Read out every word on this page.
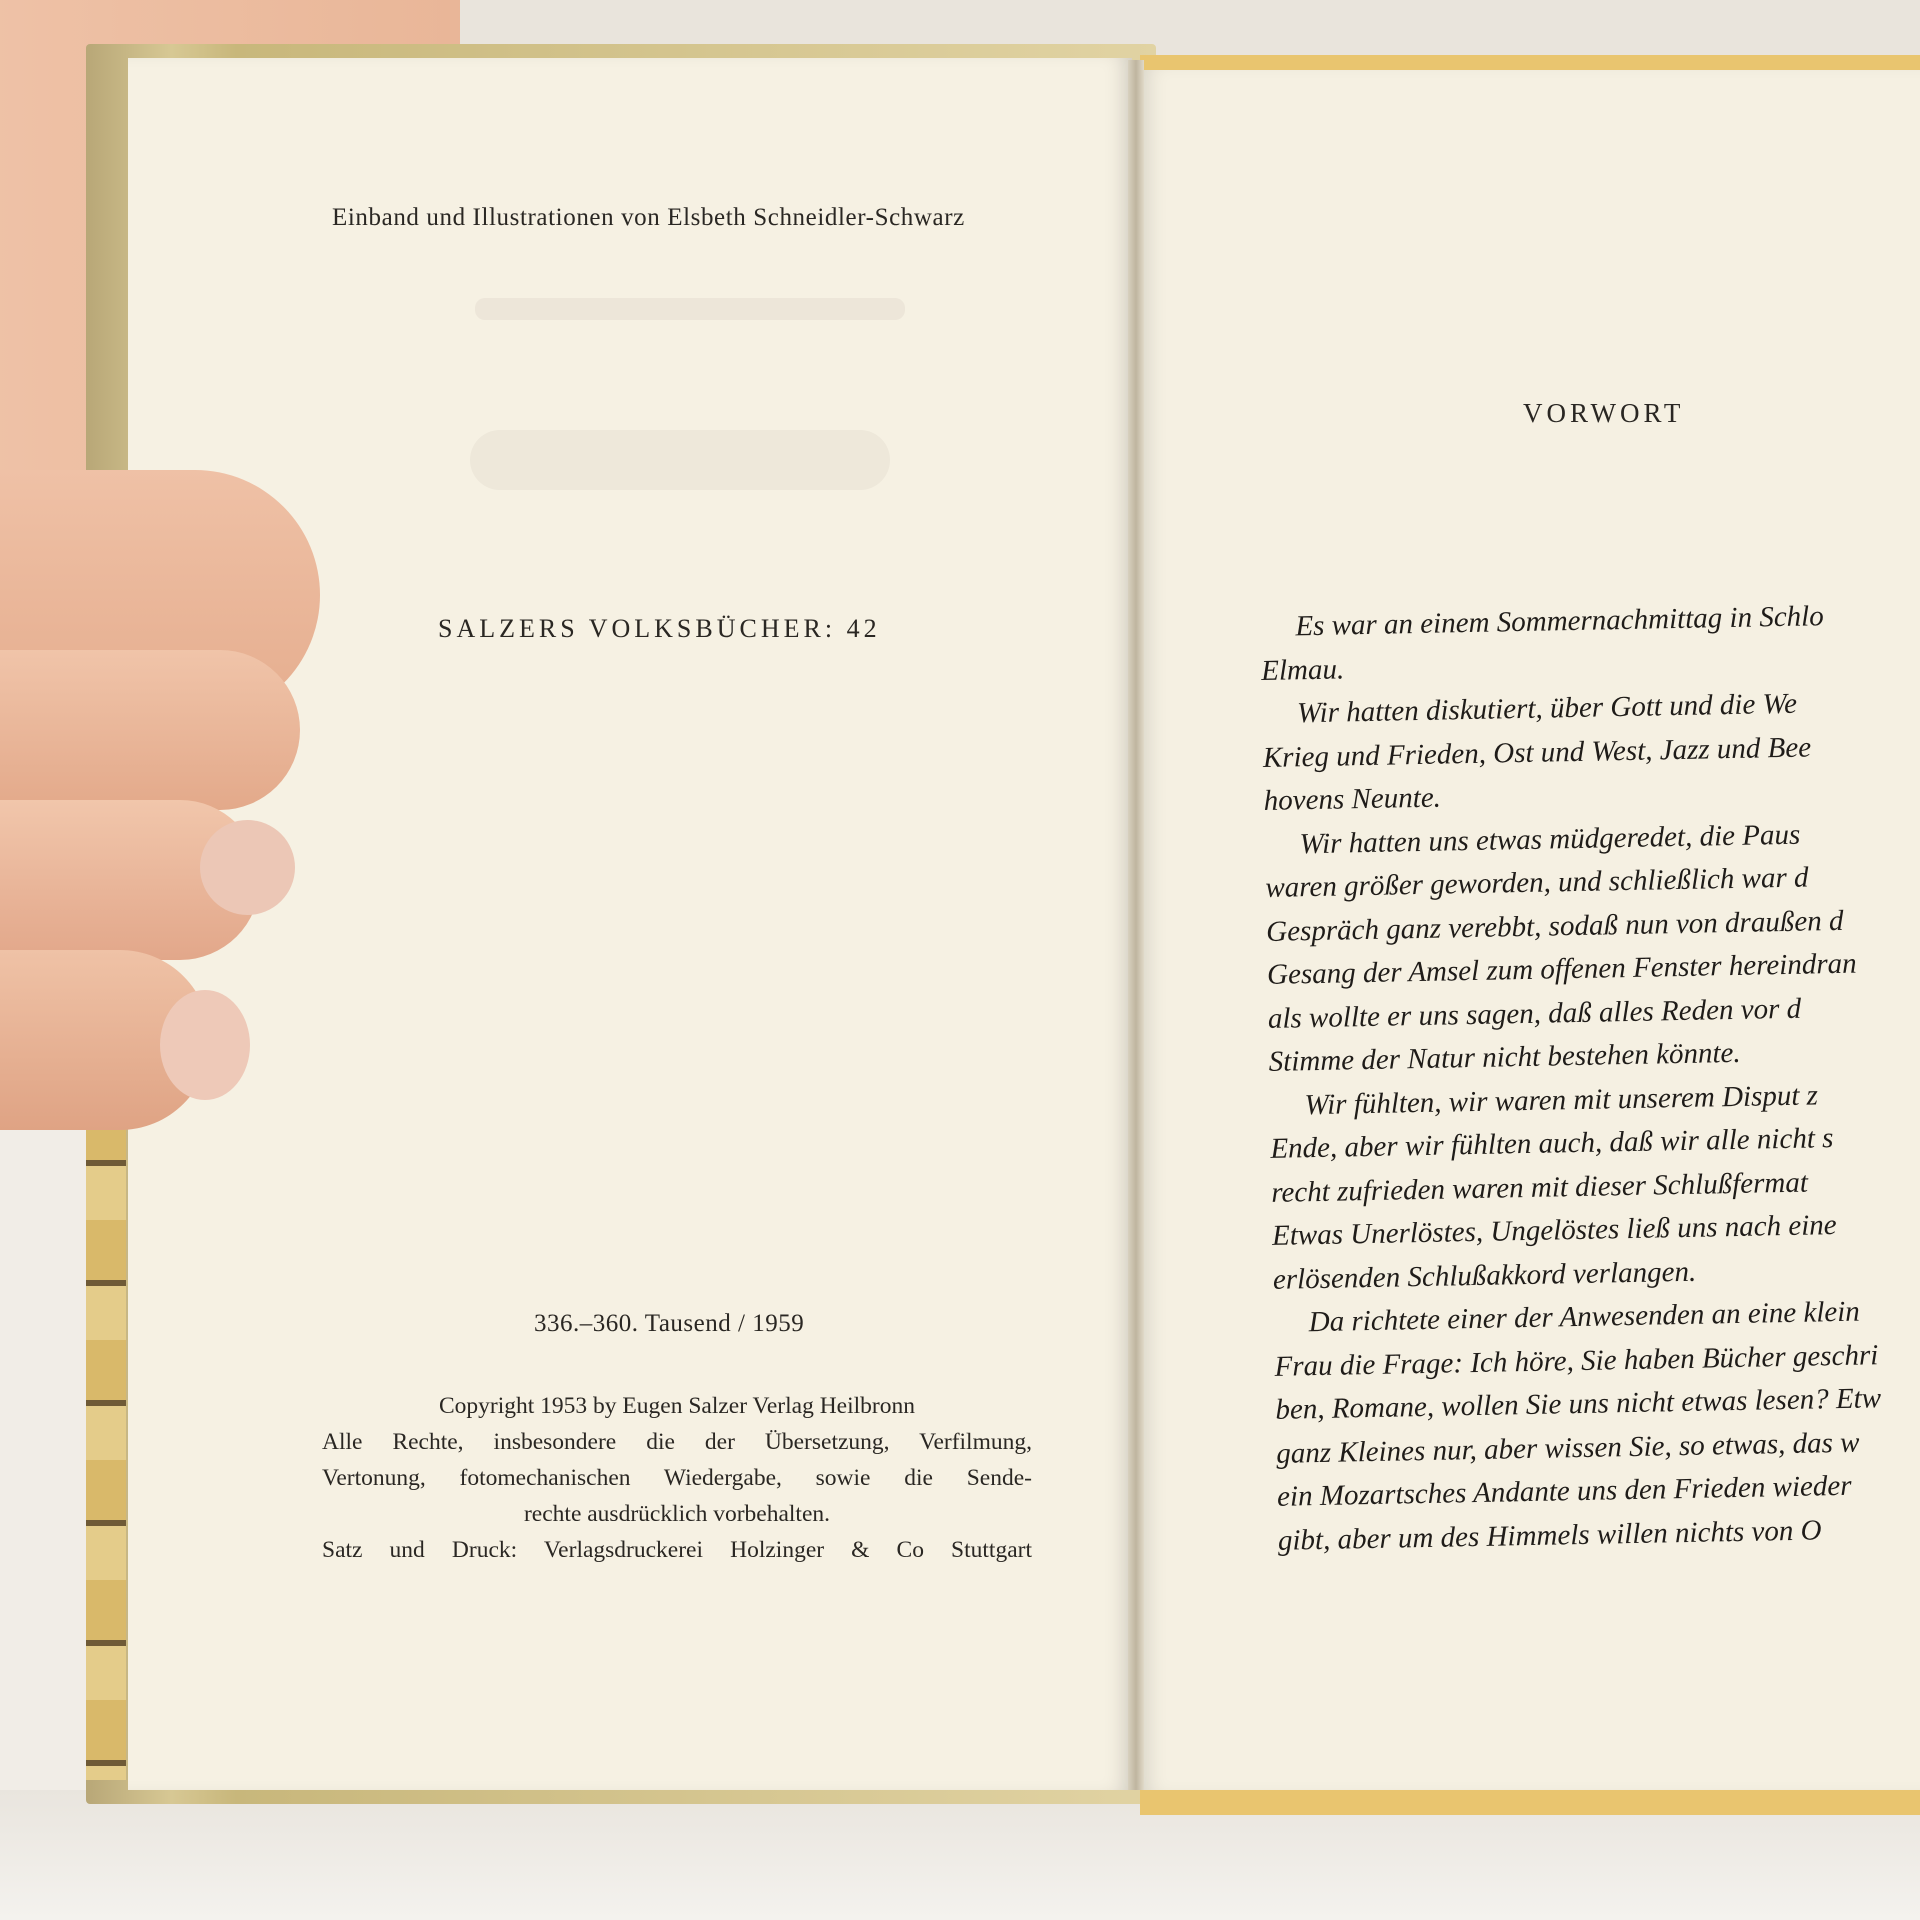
Einband und Illustrationen von Elsbeth Schneidler-Schwarz
SALZERS VOLKSBÜCHER: 42
336.–360. Tausend / 1959
Copyright 1953 by Eugen Salzer Verlag Heilbronn
Alle Rechte, insbesondere die der Übersetzung, Verfilmung,
Vertonung, fotomechanischen Wiedergabe, sowie die Sende-
rechte ausdrücklich vorbehalten.
Satz und Druck: Verlagsdruckerei Holzinger & Co Stuttgart
VORWORT
Es war an einem Sommernachmittag in Schlo
Elmau.
Wir hatten diskutiert, über Gott und die We
Krieg und Frieden, Ost und West, Jazz und Bee
hovens Neunte.
Wir hatten uns etwas müdgeredet, die Paus
waren größer geworden, und schließlich war d
Gespräch ganz verebbt, sodaß nun von draußen d
Gesang der Amsel zum offenen Fenster hereindran
als wollte er uns sagen, daß alles Reden vor d
Stimme der Natur nicht bestehen könnte.
Wir fühlten, wir waren mit unserem Disput z
Ende, aber wir fühlten auch, daß wir alle nicht s
recht zufrieden waren mit dieser Schlußfermat
Etwas Unerlöstes, Ungelöstes ließ uns nach eine
erlösenden Schlußakkord verlangen.
Da richtete einer der Anwesenden an eine klein
Frau die Frage: Ich höre, Sie haben Bücher geschri
ben, Romane, wollen Sie uns nicht etwas lesen? Etw
ganz Kleines nur, aber wissen Sie, so etwas, das w
ein Mozartsches Andante uns den Frieden wieder
gibt, aber um des Himmels willen nichts von O
